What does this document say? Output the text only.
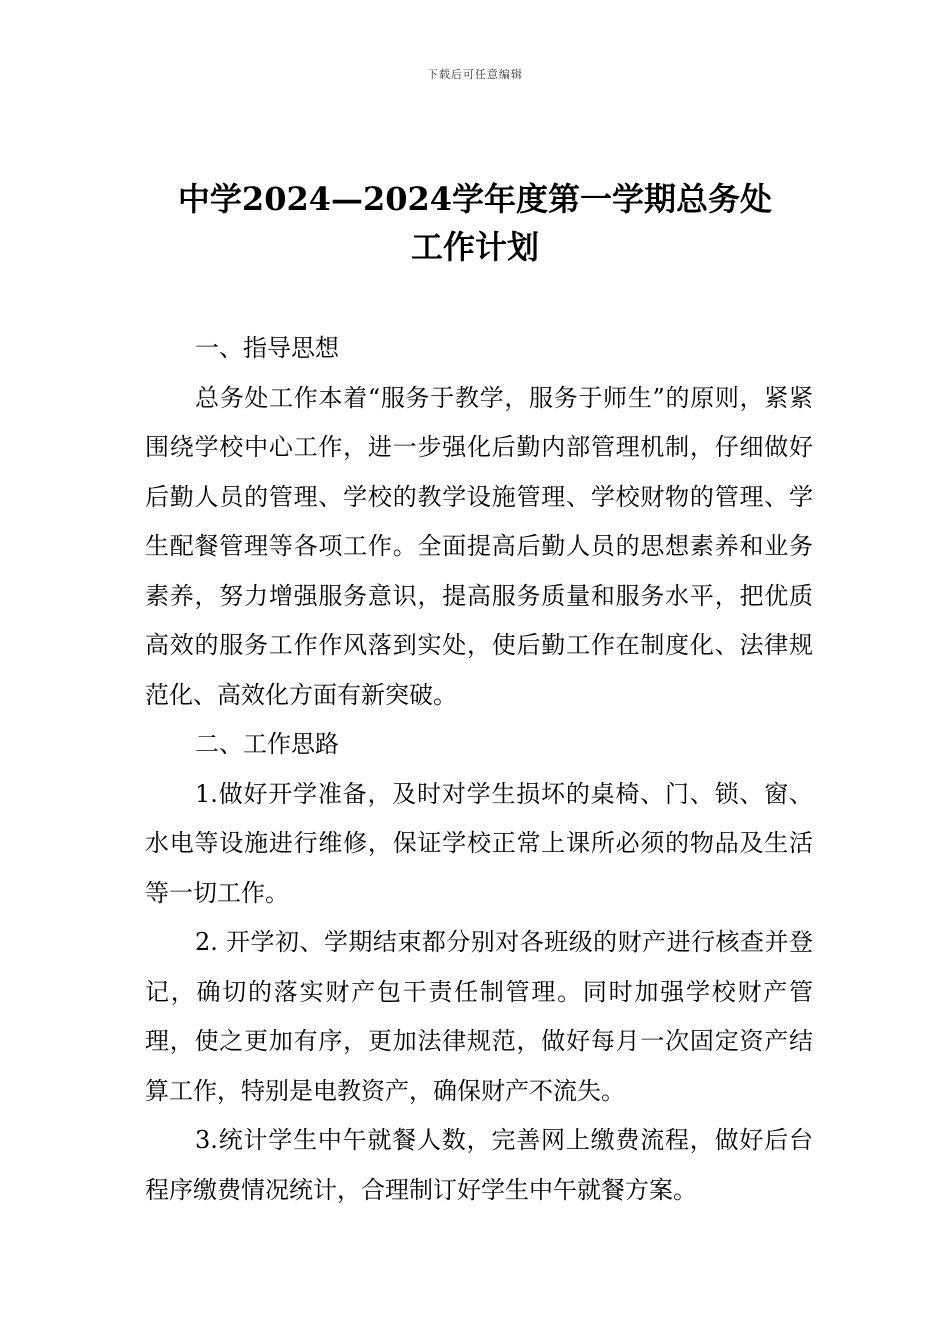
下载后可任意编辑
中学2024—2024学年度第一学期总务处
工作计划

一、指导思想

总务处工作本着“服务于教学，服务于师生”的原则，紧紧围绕学校中心工作，进一步强化后勤内部管理机制，仔细做好后勤人员的管理、学校的教学设施管理、学校财物的管理、学生配餐管理等各项工作。全面提高后勤人员的思想素养和业务素养，努力增强服务意识，提高服务质量和服务水平，把优质高效的服务工作作风落到实处，使后勤工作在制度化、法律规范化、高效化方面有新突破。

二、工作思路

1.做好开学准备，及时对学生损坏的桌椅、门、锁、窗、水电等设施进行维修，保证学校正常上课所必须的物品及生活等一切工作。

2. 开学初、学期结束都分别对各班级的财产进行核查并登记，确切的落实财产包干责任制管理。同时加强学校财产管理，使之更加有序，更加法律规范，做好每月一次固定资产结算工作，特别是电教资产，确保财产不流失。

3.统计学生中午就餐人数，完善网上缴费流程，做好后台程序缴费情况统计，合理制订好学生中午就餐方案。
